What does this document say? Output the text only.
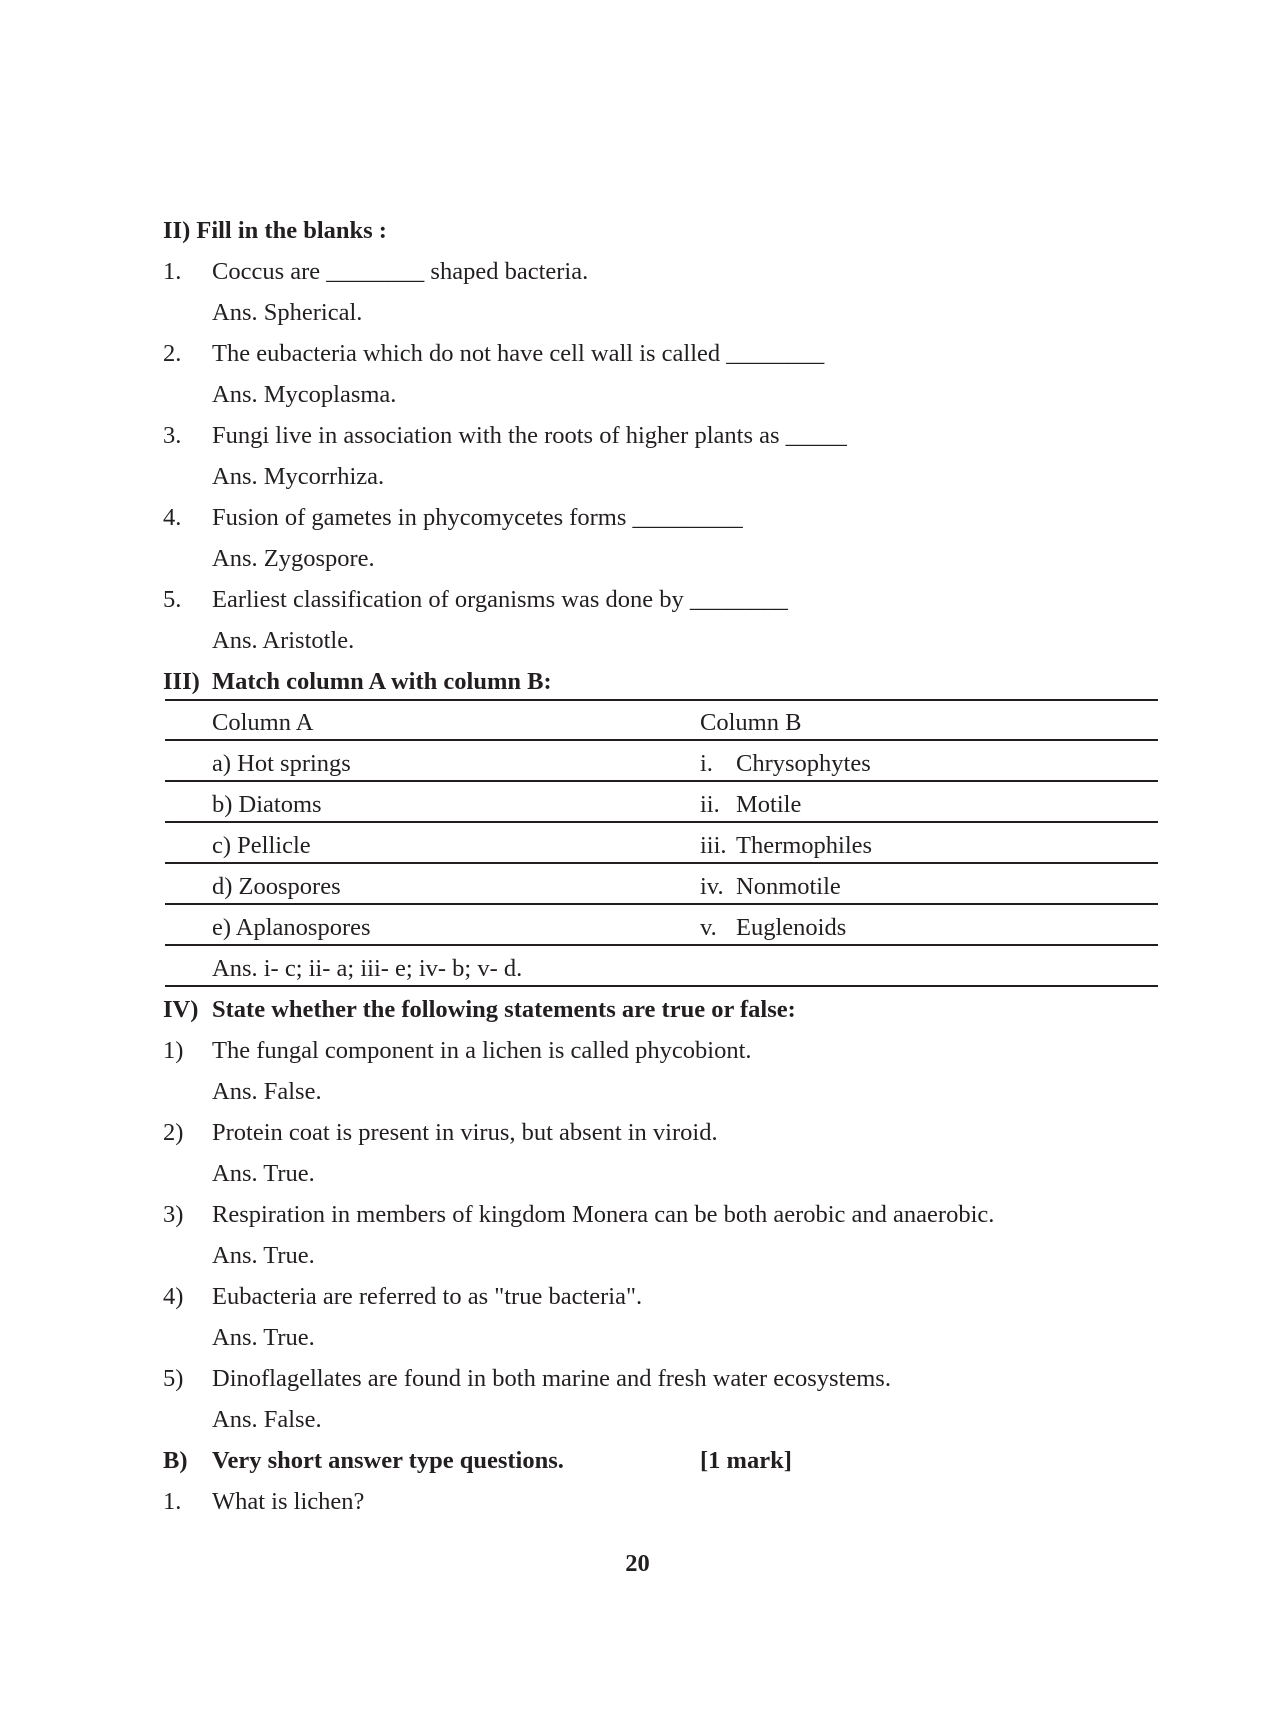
II) Fill in the blanks :
1. Coccus are ________ shaped bacteria.
Ans. Spherical.
2. The eubacteria which do not have cell wall is called ________
Ans. Mycoplasma.
3. Fungi live in association with the roots of higher plants as _____
Ans. Mycorrhiza.
4. Fusion of gametes in phycomycetes forms _________
Ans. Zygospore.
5. Earliest classification of organisms was done by ________
Ans. Aristotle.
III) Match column A with column B:
Column A	Column B
a) Hot springs	i. Chrysophytes
b) Diatoms	ii. Motile
c) Pellicle	iii. Thermophiles
d) Zoospores	iv. Nonmotile
e) Aplanospores	v. Euglenoids
Ans. i- c; ii- a; iii- e; iv- b; v- d.
IV) State whether the following statements are true or false:
1) The fungal component in a lichen is called phycobiont.
Ans. False.
2) Protein coat is present in virus, but absent in viroid.
Ans. True.
3) Respiration in members of kingdom Monera can be both aerobic and anaerobic.
Ans. True.
4) Eubacteria are referred to as "true bacteria".
Ans. True.
5) Dinoflagellates are found in both marine and fresh water ecosystems.
Ans. False.
B) Very short answer type questions.	[1 mark]
1. What is lichen?
20
